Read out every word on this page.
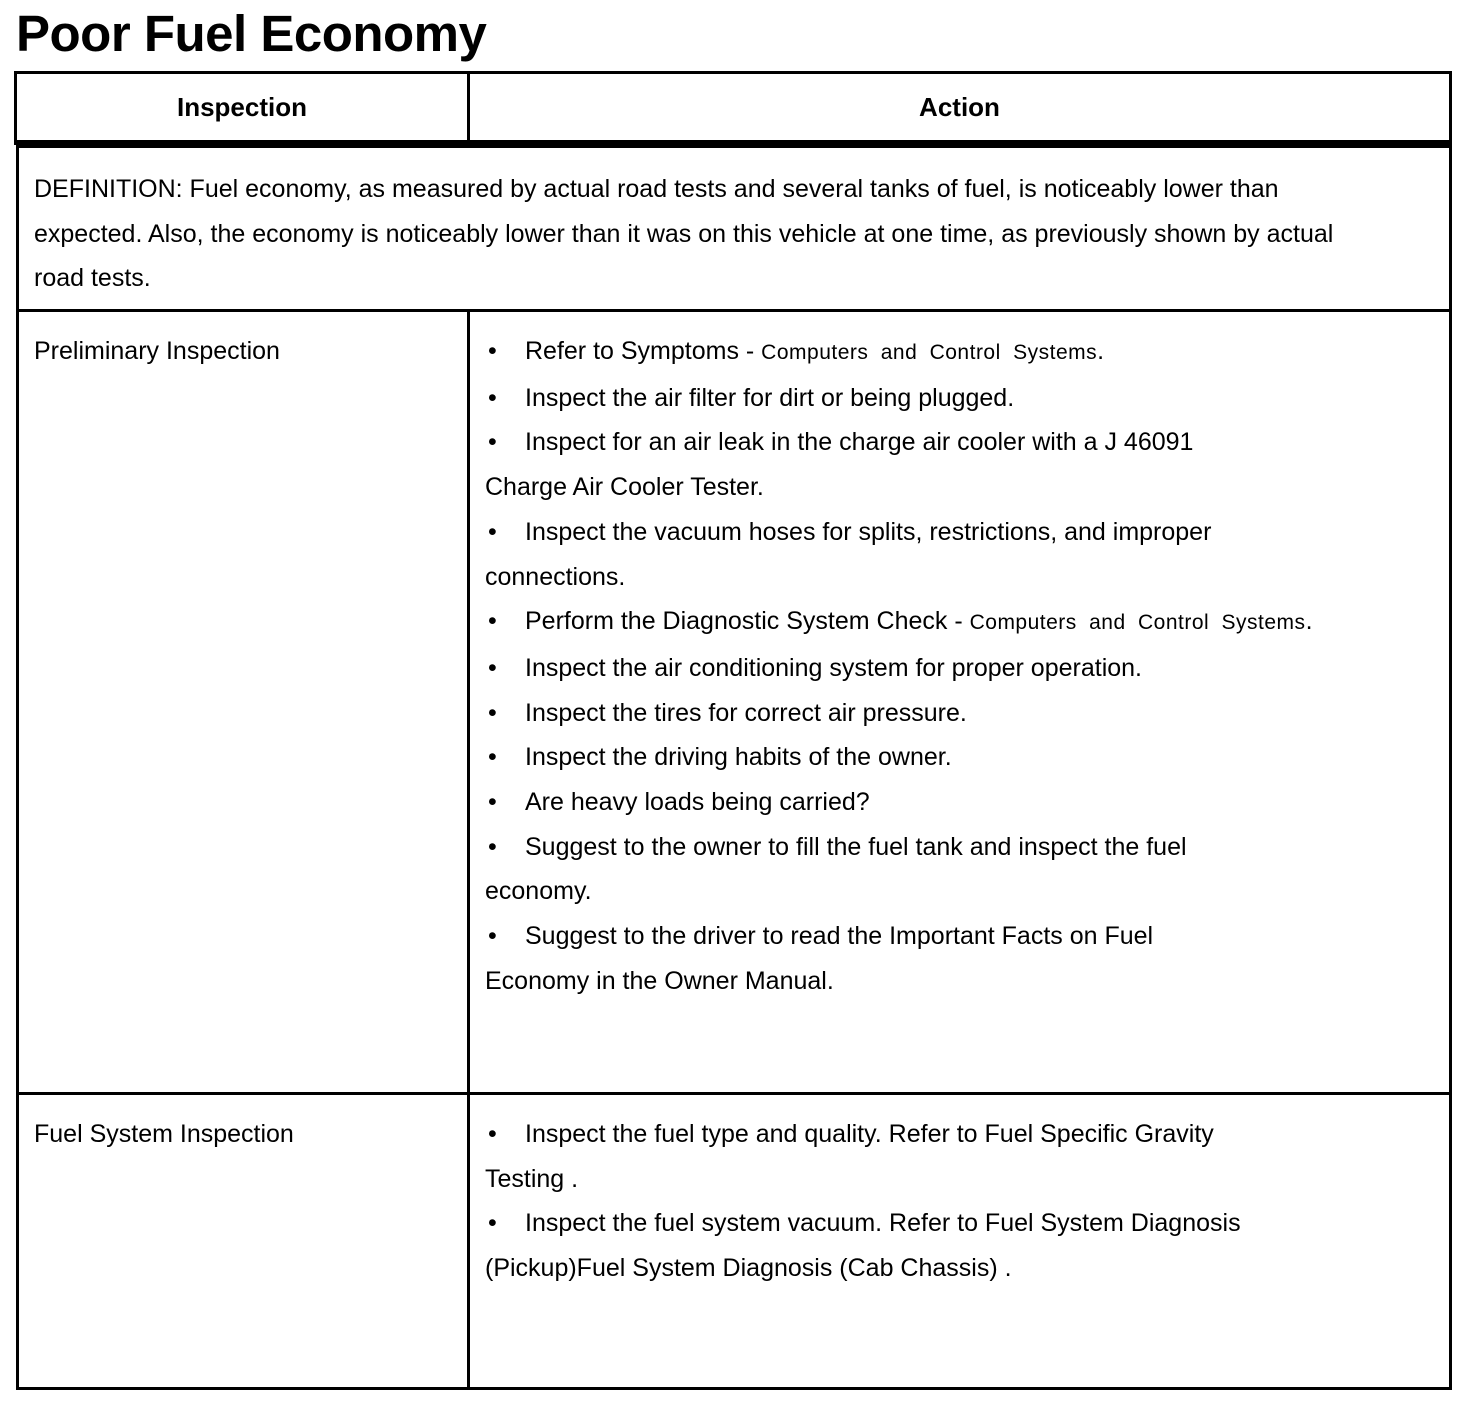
Poor Fuel Economy
Inspection	Action

DEFINITION: Fuel economy, as measured by actual road tests and several tanks of fuel, is noticeably lower than expected. Also, the economy is noticeably lower than it was on this vehicle at one time, as previously shown by actual road tests.

Preliminary Inspection	• Refer to Symptoms - Computers and Control Systems.
• Inspect the air filter for dirt or being plugged.
• Inspect for an air leak in the charge air cooler with a J 46091
Charge Air Cooler Tester.
• Inspect the vacuum hoses for splits, restrictions, and improper
connections.
• Perform the Diagnostic System Check - Computers and Control Systems.
• Inspect the air conditioning system for proper operation.
• Inspect the tires for correct air pressure.
• Inspect the driving habits of the owner.
• Are heavy loads being carried?
• Suggest to the owner to fill the fuel tank and inspect the fuel
economy.
• Suggest to the driver to read the Important Facts on Fuel
Economy in the Owner Manual.
Fuel System Inspection	• Inspect the fuel type and quality. Refer to Fuel Specific Gravity
Testing .
• Inspect the fuel system vacuum. Refer to Fuel System Diagnosis
(Pickup)Fuel System Diagnosis (Cab Chassis) .
